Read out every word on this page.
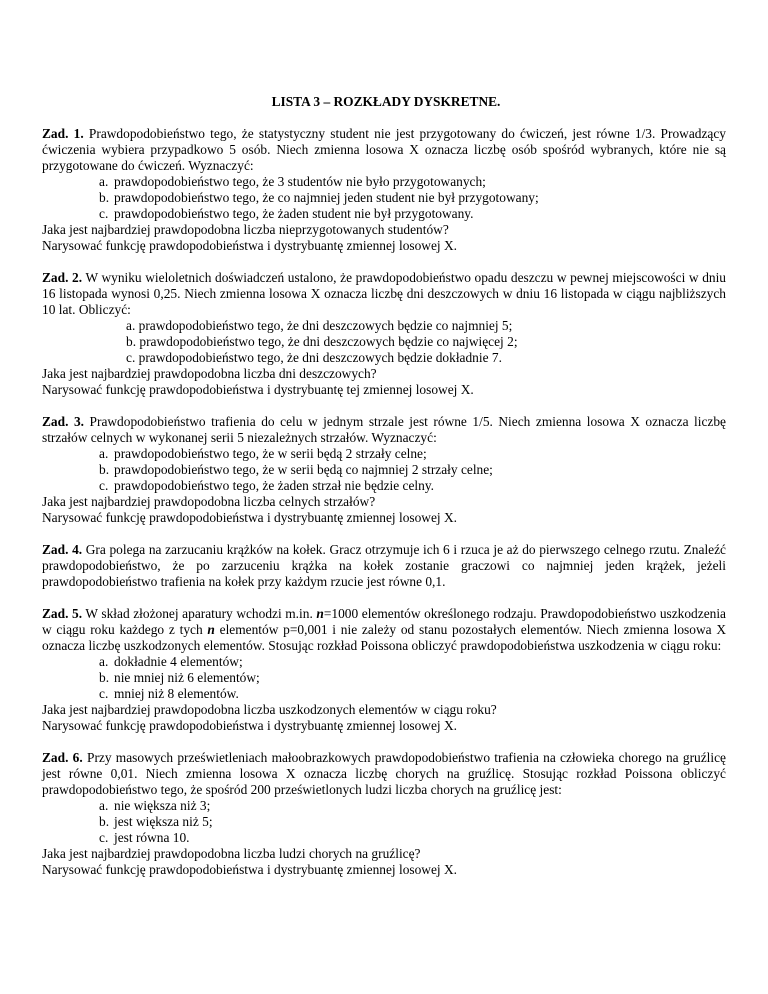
LISTA 3 – ROZKŁADY DYSKRETNE.
Zad. 1. Prawdopodobieństwo tego, że statystyczny student nie jest przygotowany do ćwiczeń, jest równe 1/3. Prowadzący ćwiczenia wybiera przypadkowo 5 osób. Niech zmienna losowa X oznacza liczbę osób spośród wybranych, które nie są przygotowane do ćwiczeń. Wyznaczyć:
a. prawdopodobieństwo tego, że 3 studentów nie było przygotowanych;
b. prawdopodobieństwo tego, że co najmniej jeden student nie był przygotowany;
c. prawdopodobieństwo tego, że żaden student nie był przygotowany.
Jaka jest najbardziej prawdopodobna liczba nieprzygotowanych studentów?
Narysować funkcję prawdopodobieństwa i dystrybuantę zmiennej losowej X.
Zad. 2. W wyniku wieloletnich doświadczeń ustalono, że prawdopodobieństwo opadu deszczu w pewnej miejscowości w dniu 16 listopada wynosi 0,25. Niech zmienna losowa X oznacza liczbę dni deszczowych w dniu 16 listopada w ciągu najbliższych 10 lat. Obliczyć:
a. prawdopodobieństwo tego, że dni deszczowych będzie co najmniej 5;
b. prawdopodobieństwo tego, że dni deszczowych będzie co najwięcej 2;
c. prawdopodobieństwo tego, że dni deszczowych będzie dokładnie 7.
Jaka jest najbardziej prawdopodobna liczba dni deszczowych?
Narysować funkcję prawdopodobieństwa i dystrybuantę tej zmiennej losowej X.
Zad. 3. Prawdopodobieństwo trafienia do celu w jednym strzale jest równe 1/5. Niech zmienna losowa X oznacza liczbę strzałów celnych w wykonanej serii 5 niezależnych strzałów. Wyznaczyć:
a. prawdopodobieństwo tego, że w serii będą 2 strzały celne;
b. prawdopodobieństwo tego, że w serii będą co najmniej 2 strzały celne;
c. prawdopodobieństwo tego, że żaden strzał nie będzie celny.
Jaka jest najbardziej prawdopodobna liczba celnych strzałów?
Narysować funkcję prawdopodobieństwa i dystrybuantę zmiennej losowej X.
Zad. 4. Gra polega na zarzucaniu krążków na kołek. Gracz otrzymuje ich 6 i rzuca je aż do pierwszego celnego rzutu. Znaleźć prawdopodobieństwo, że po zarzuceniu krążka na kołek zostanie graczowi co najmniej jeden krążek, jeżeli prawdopodobieństwo trafienia na kołek przy każdym rzucie jest równe 0,1.
Zad. 5. W skład złożonej aparatury wchodzi m.in. n=1000 elementów określonego rodzaju. Prawdopodobieństwo uszkodzenia w ciągu roku każdego z tych n elementów p=0,001 i nie zależy od stanu pozostałych elementów. Niech zmienna losowa X oznacza liczbę uszkodzonych elementów. Stosując rozkład Poissona obliczyć prawdopodobieństwa uszkodzenia w ciągu roku:
a. dokładnie 4 elementów;
b. nie mniej niż 6 elementów;
c. mniej niż 8 elementów.
Jaka jest najbardziej prawdopodobna liczba uszkodzonych elementów w ciągu roku?
Narysować funkcję prawdopodobieństwa i dystrybuantę zmiennej losowej X.
Zad. 6. Przy masowych prześwietleniach małoobrazkowych prawdopodobieństwo trafienia na człowieka chorego na gruźlicę jest równe 0,01. Niech zmienna losowa X oznacza liczbę chorych na gruźlicę. Stosując rozkład Poissona obliczyć prawdopodobieństwo tego, że spośród 200 prześwietlonych ludzi liczba chorych na gruźlicę jest:
a. nie większa niż 3;
b. jest większa niż 5;
c. jest równa 10.
Jaka jest najbardziej prawdopodobna liczba ludzi chorych na gruźlicę?
Narysować funkcję prawdopodobieństwa i dystrybuantę zmiennej losowej X.
